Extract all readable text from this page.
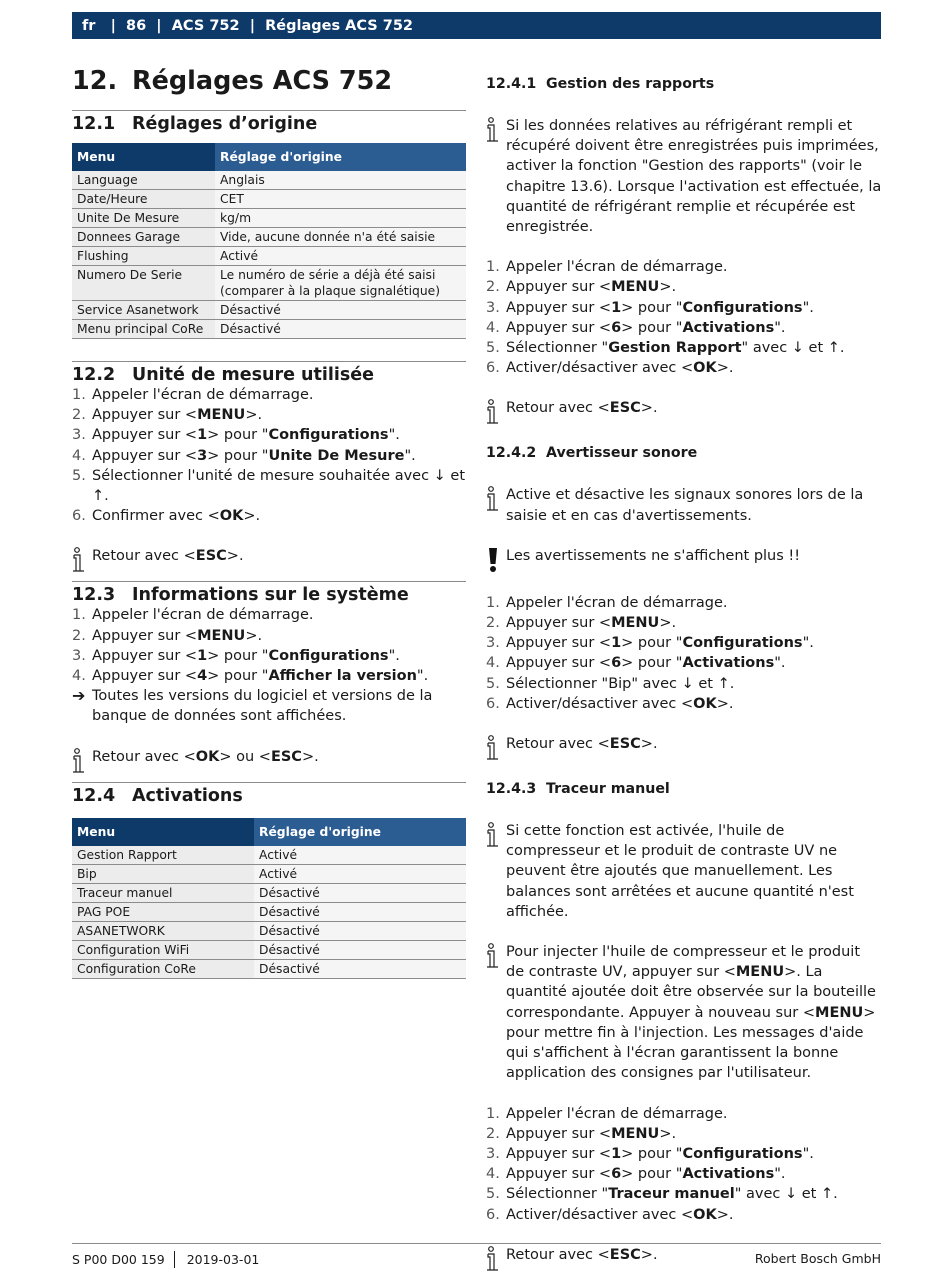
fr | 86 | ACS 752 | Réglages ACS 752
12. Réglages ACS 752
12.1 Réglages d’origine
Menu	Réglage d'origine
Language	Anglais
Date/Heure	CET
Unite De Mesure	kg/m
Donnees Garage	Vide, aucune donnée n'a été saisie
Flushing	Activé
Numero De Serie	Le numéro de série a déjà été saisi (comparer à la plaque signalétique)
Service Asanetwork	Désactivé
Menu principal CoRe	Désactivé
12.2 Unité de mesure utilisée
1. Appeler l'écran de démarrage.
2. Appuyer sur <MENU>.
3. Appuyer sur <1> pour "Configurations".
4. Appuyer sur <3> pour "Unite De Mesure".
5. Sélectionner l'unité de mesure souhaitée avec ↓ et ↑.
6. Confirmer avec <OK>.
Retour avec <ESC>.
12.3 Informations sur le système
1. Appeler l'écran de démarrage.
2. Appuyer sur <MENU>.
3. Appuyer sur <1> pour "Configurations".
4. Appuyer sur <4> pour "Afficher la version".
➔ Toutes les versions du logiciel et versions de la banque de données sont affichées.
Retour avec <OK> ou <ESC>.
12.4 Activations
Menu	Réglage d'origine
Gestion Rapport	Activé
Bip	Activé
Traceur manuel	Désactivé
PAG POE	Désactivé
ASANETWORK	Désactivé
Configuration WiFi	Désactivé
Configuration CoRe	Désactivé
12.4.1 Gestion des rapports
Si les données relatives au réfrigérant rempli et récupéré doivent être enregistrées puis imprimées, activer la fonction "Gestion des rapports" (voir le chapitre 13.6). Lorsque l'activation est effectuée, la quantité de réfrigérant remplie et récupérée est enregistrée.
1. Appeler l'écran de démarrage.
2. Appuyer sur <MENU>.
3. Appuyer sur <1> pour "Configurations".
4. Appuyer sur <6> pour "Activations".
5. Sélectionner "Gestion Rapport" avec ↓ et ↑.
6. Activer/désactiver avec <OK>.
Retour avec <ESC>.
12.4.2 Avertisseur sonore
Active et désactive les signaux sonores lors de la saisie et en cas d'avertissements.
Les avertissements ne s'affichent plus !!
1. Appeler l'écran de démarrage.
2. Appuyer sur <MENU>.
3. Appuyer sur <1> pour "Configurations".
4. Appuyer sur <6> pour "Activations".
5. Sélectionner "Bip" avec ↓ et ↑.
6. Activer/désactiver avec <OK>.
Retour avec <ESC>.
12.4.3 Traceur manuel
Si cette fonction est activée, l'huile de compresseur et le produit de contraste UV ne peuvent être ajoutés que manuellement. Les balances sont arrêtées et aucune quantité n'est affichée.
Pour injecter l'huile de compresseur et le produit de contraste UV, appuyer sur <MENU>. La quantité ajoutée doit être observée sur la bouteille correspondante. Appuyer à nouveau sur <MENU> pour mettre fin à l'injection. Les messages d'aide qui s'affichent à l'écran garantissent la bonne application des consignes par l'utilisateur.
1. Appeler l'écran de démarrage.
2. Appuyer sur <MENU>.
3. Appuyer sur <1> pour "Configurations".
4. Appuyer sur <6> pour "Activations".
5. Sélectionner "Traceur manuel" avec ↓ et ↑.
6. Activer/désactiver avec <OK>.
Retour avec <ESC>.
S P00 D00 159 2019-03-01	Robert Bosch GmbH
